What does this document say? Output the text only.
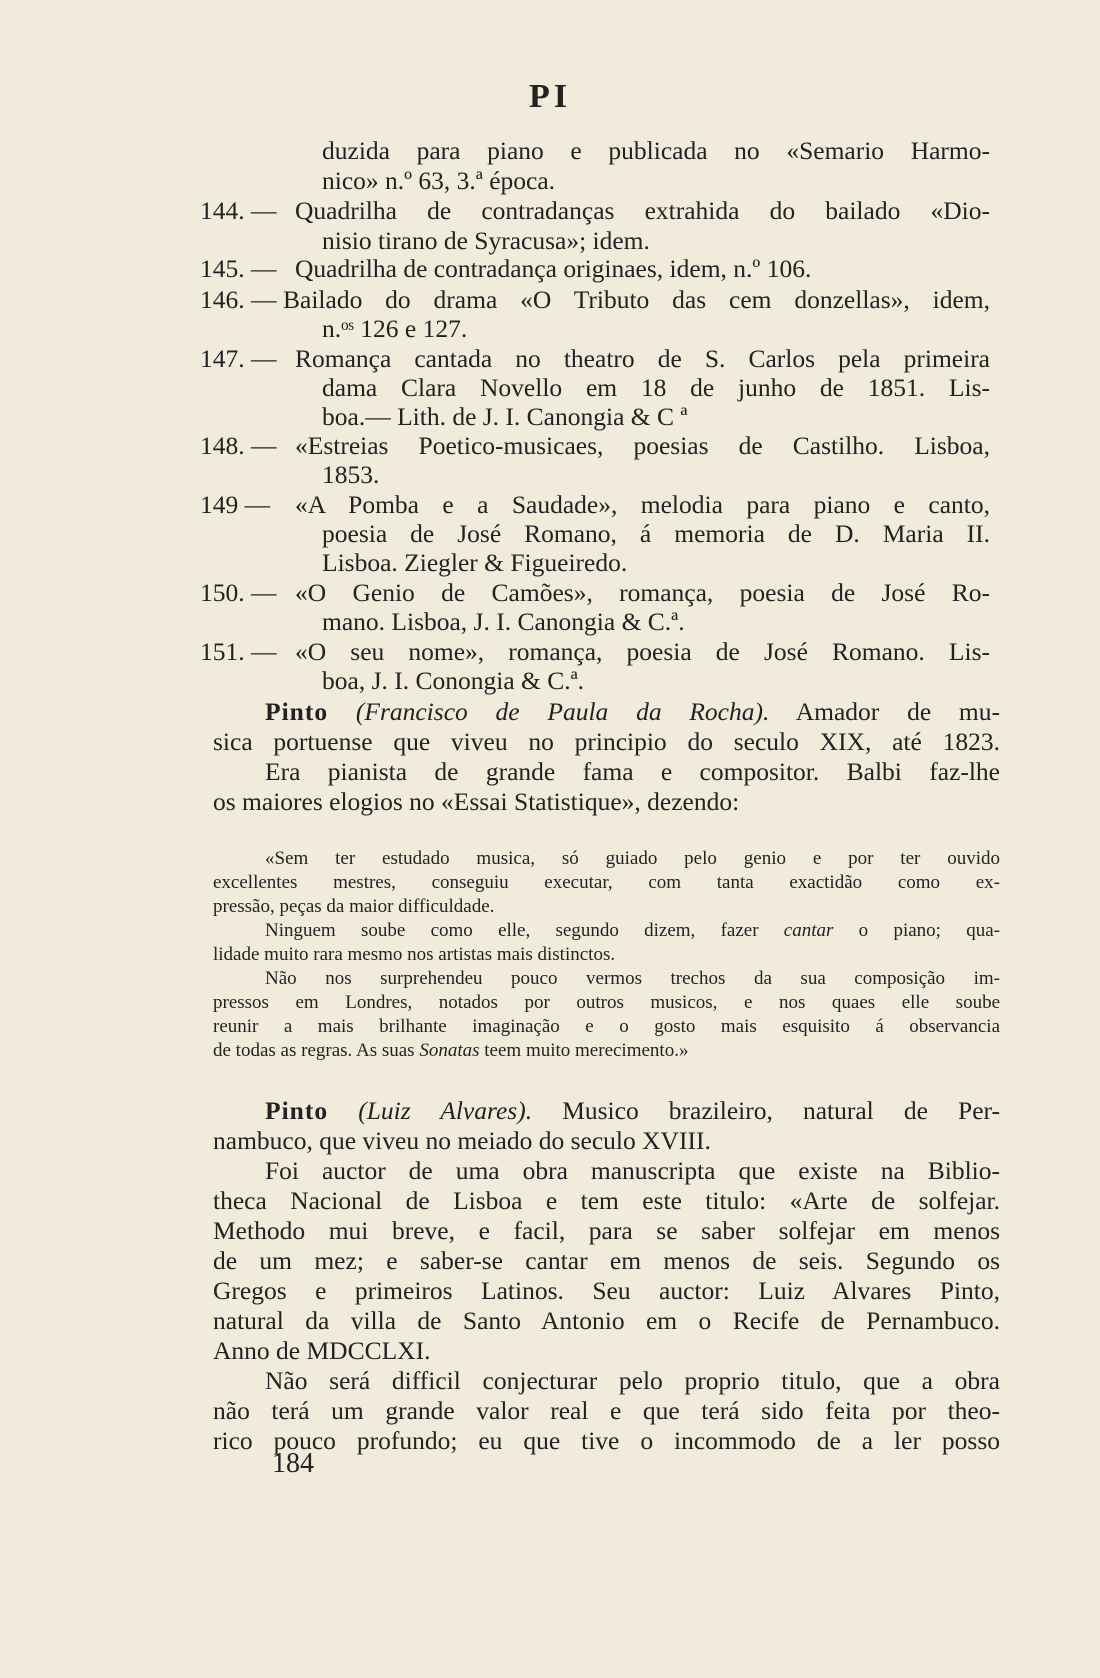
PI
duzida para piano e publicada no «Semario Harmo-
nico» n.º 63, 3.ª época.
144. — Quadrilha de contradanças extrahida do bailado «Dio-
nisio tirano de Syracusa»; idem.
145. — Quadrilha de contradança originaes, idem, n.º 106.
146. — Bailado do drama «O Tributo das cem donzellas», idem,
n.ᵒˢ 126 e 127.
147. — Romança cantada no theatro de S. Carlos pela primeira
dama Clara Novello em 18 de junho de 1851. Lis-
boa.— Lith. de J. I. Canongia & C ª
148. — «Estreias Poetico-musicaes, poesias de Castilho. Lisboa,
1853.
149 — «A Pomba e a Saudade», melodia para piano e canto,
poesia de José Romano, á memoria de D. Maria II.
Lisboa. Ziegler & Figueiredo.
150. — «O Genio de Camões», romança, poesia de José Ro-
mano. Lisboa, J. I. Canongia & C.ª.
151. — «O seu nome», romança, poesia de José Romano. Lis-
boa, J. I. Conongia & C.ª.
Pinto (Francisco de Paula da Rocha). Amador de mu-
sica portuense que viveu no principio do seculo XIX, até 1823.
Era pianista de grande fama e compositor. Balbi faz-lhe
os maiores elogios no «Essai Statistique», dezendo:
«Sem ter estudado musica, só guiado pelo genio e por ter ouvido
excellentes mestres, conseguiu executar, com tanta exactidão como ex-
pressão, peças da maior difficuldade.
Ninguem soube como elle, segundo dizem, fazer cantar o piano; qua-
lidade muito rara mesmo nos artistas mais distinctos.
Não nos surprehendeu pouco vermos trechos da sua composição im-
pressos em Londres, notados por outros musicos, e nos quaes elle soube
reunir a mais brilhante imaginação e o gosto mais esquisito á observancia
de todas as regras. As suas Sonatas teem muito merecimento.»
Pinto (Luiz Alvares). Musico brazileiro, natural de Per-
nambuco, que viveu no meiado do seculo XVIII.
Foi auctor de uma obra manuscripta que existe na Biblio-
theca Nacional de Lisboa e tem este titulo: «Arte de solfejar.
Methodo mui breve, e facil, para se saber solfejar em menos
de um mez; e saber-se cantar em menos de seis. Segundo os
Gregos e primeiros Latinos. Seu auctor: Luiz Alvares Pinto,
natural da villa de Santo Antonio em o Recife de Pernambuco.
Anno de MDCCLXI.
Não será difficil conjecturar pelo proprio titulo, que a obra
não terá um grande valor real e que terá sido feita por theo-
rico pouco profundo; eu que tive o incommodo de a ler posso
184
